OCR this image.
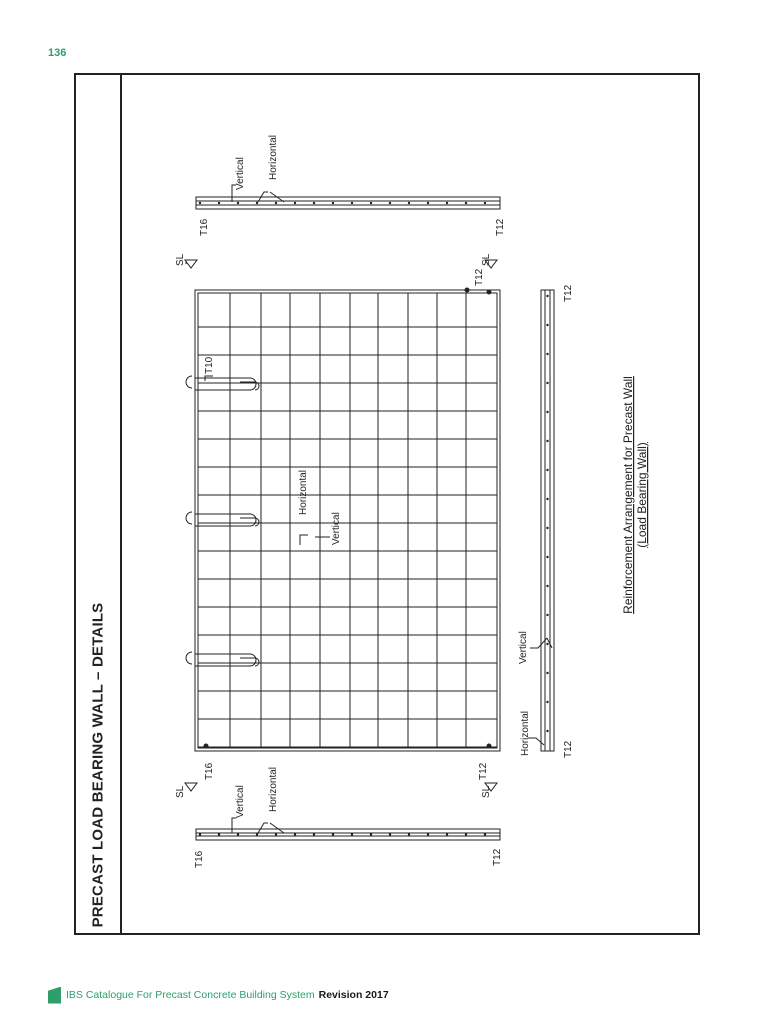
136
PRECAST LOAD BEARING WALL – DETAILS
T16	T12
Vertical Horizontal
SL	SL
T12
T12
T10
Horizontal
Vertical
Vertical
Horizontal	T12
T16	T12
SL	SL
Vertical Horizontal
T16	T12
Reinforcement Arrangement for Precast Wall (Load Bearing Wall)
IBS Catalogue For Precast Concrete Building System Revision 2017
